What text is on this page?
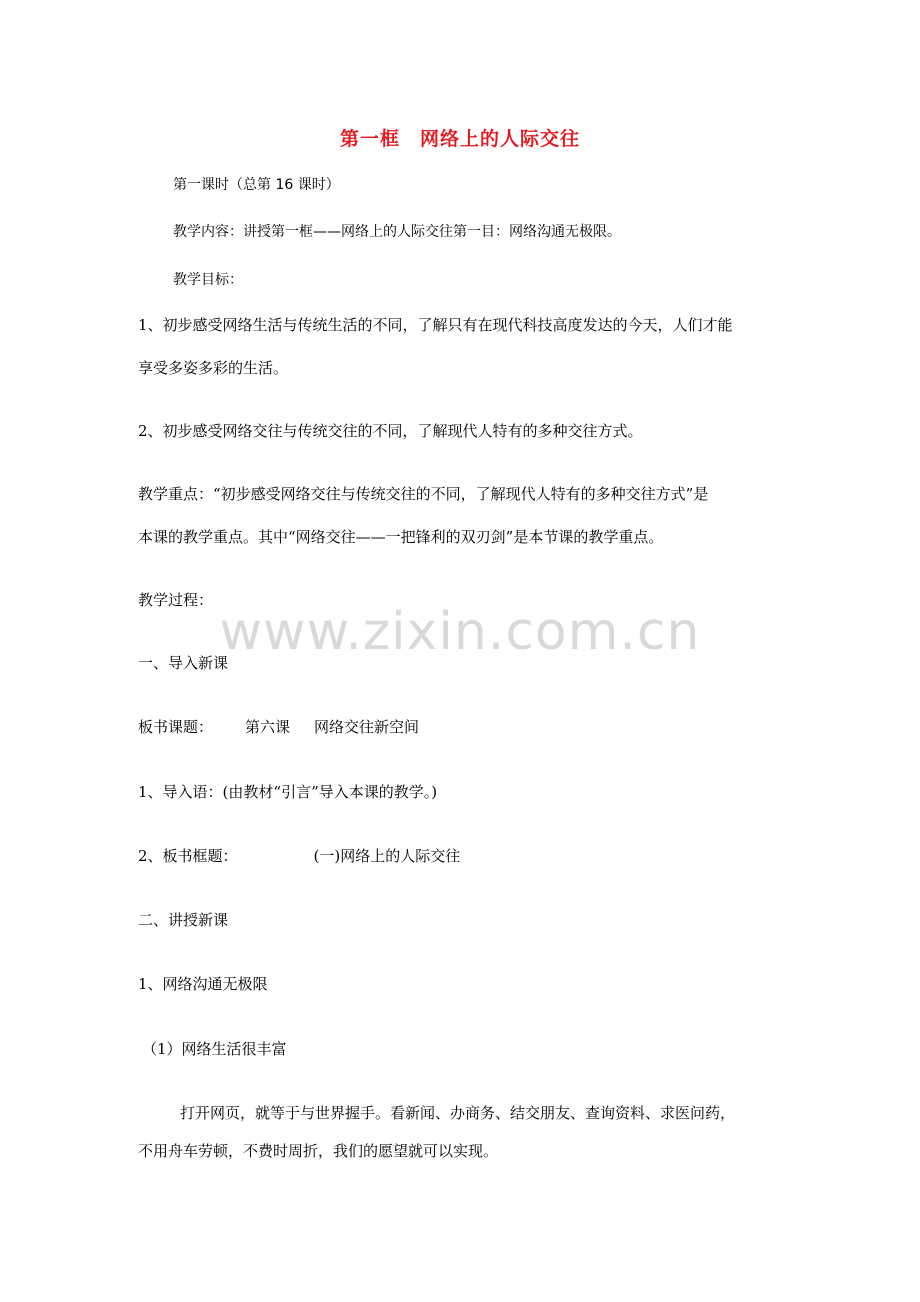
第一框　网络上的人际交往
第一课时（总第 16 课时）
教学内容：讲授第一框——网络上的人际交往第一目：网络沟通无极限。
教学目标：
1、初步感受网络生活与传统生活的不同，了解只有在现代科技高度发达的今天，人们才能
享受多姿多彩的生活。
2、初步感受网络交往与传统交往的不同，了解现代人特有的多种交往方式。
教学重点：“初步感受网络交往与传统交往的不同，了解现代人特有的多种交往方式”是
本课的教学重点。其中“网络交往——一把锋利的双刃剑”是本节课的教学重点。
教学过程：
www.zixin.com.cn
一、导入新课
板书课题： 第六课 网络交往新空间
1、导入语：(由教材“引言”导入本课的教学。)
2、板书框题：	(一)网络上的人际交往
二、讲授新课
1、网络沟通无极限
（1）网络生活很丰富
打开网页，就等于与世界握手。看新闻、办商务、结交朋友、查询资料、求医问药，
不用舟车劳顿，不费时周折，我们的愿望就可以实现。
